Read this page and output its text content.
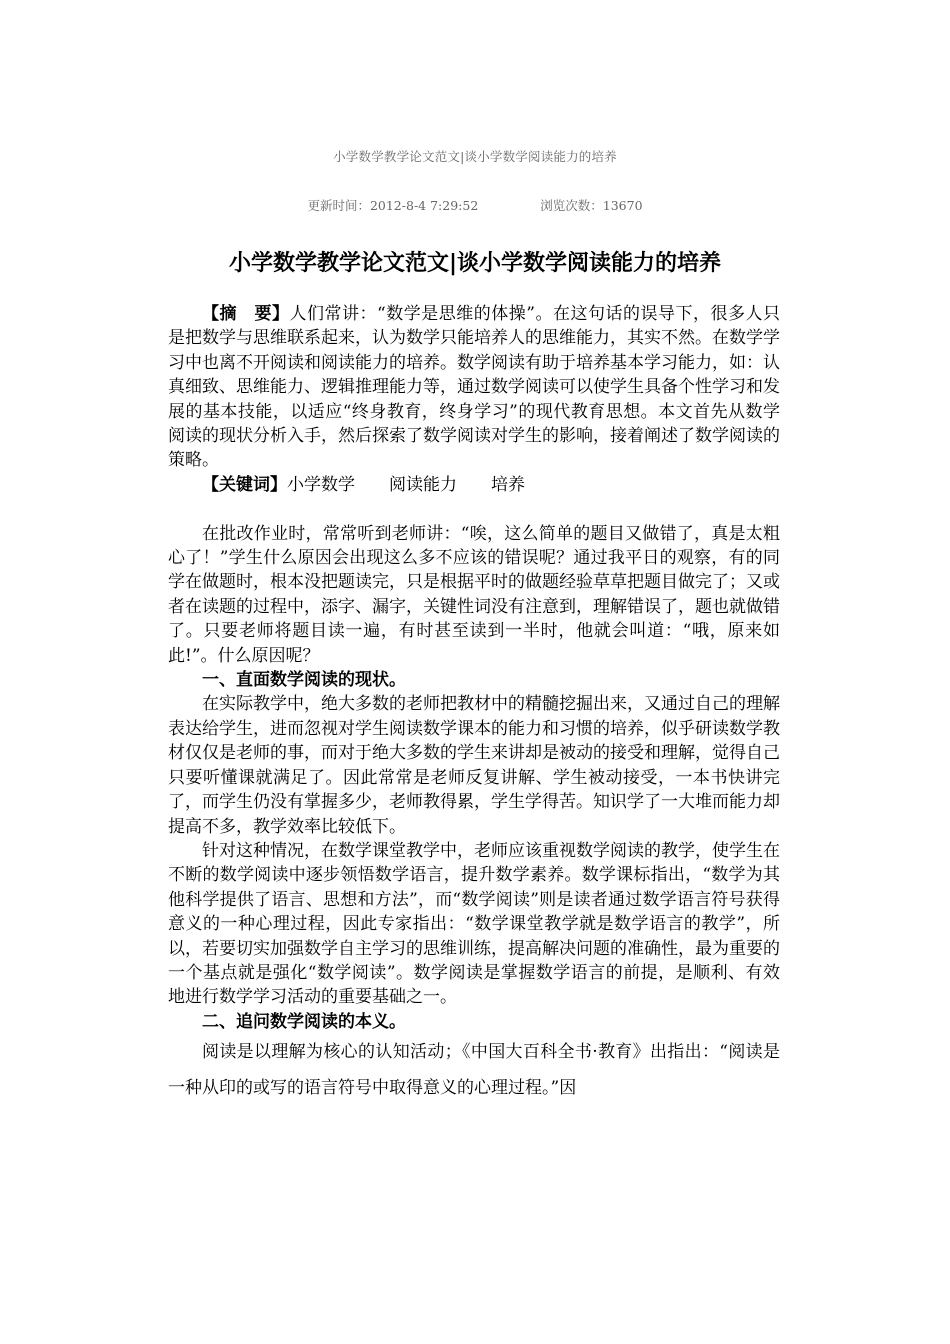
小学数学教学论文范文|谈小学数学阅读能力的培养
更新时间：2012-8-4 7:29:52	浏览次数：13670
小学数学教学论文范文|谈小学数学阅读能力的培养

【摘　要】人们常讲：“数学是思维的体操”。在这句话的误导下，很多人只是把数学与思维联系起来，认为数学只能培养人的思维能力，其实不然。在数学学习中也离不开阅读和阅读能力的培养。数学阅读有助于培养基本学习能力，如：认真细致、思维能力、逻辑推理能力等，通过数学阅读可以使学生具备个性学习和发展的基本技能，以适应“终身教育，终身学习”的现代教育思想。本文首先从数学阅读的现状分析入手，然后探索了数学阅读对学生的影响，接着阐述了数学阅读的策略。

【关键词】小学数学 阅读能力 培养

在批改作业时，常常听到老师讲：“唉，这么简单的题目又做错了，真是太粗心了！”学生什么原因会出现这么多不应该的错误呢？通过我平日的观察，有的同学在做题时，根本没把题读完，只是根据平时的做题经验草草把题目做完了；又或者在读题的过程中，添字、漏字，关键性词没有注意到，理解错误了，题也就做错了。只要老师将题目读一遍，有时甚至读到一半时，他就会叫道：“哦，原来如此!”。什么原因呢？

一、直面数学阅读的现状。

在实际教学中，绝大多数的老师把教材中的精髓挖掘出来，又通过自己的理解表达给学生，进而忽视对学生阅读数学课本的能力和习惯的培养，似乎研读数学教材仅仅是老师的事，而对于绝大多数的学生来讲却是被动的接受和理解，觉得自己只要听懂课就满足了。因此常常是老师反复讲解、学生被动接受，一本书快讲完了，而学生仍没有掌握多少，老师教得累，学生学得苦。知识学了一大堆而能力却提高不多，教学效率比较低下。

针对这种情况，在数学课堂教学中，老师应该重视数学阅读的教学，使学生在不断的数学阅读中逐步领悟数学语言，提升数学素养。数学课标指出，“数学为其他科学提供了语言、思想和方法”，而“数学阅读”则是读者通过数学语言符号获得意义的一种心理过程，因此专家指出：“数学课堂教学就是数学语言的教学”，所以，若要切实加强数学自主学习的思维训练，提高解决问题的准确性，最为重要的一个基点就是强化“数学阅读”。数学阅读是掌握数学语言的前提，是顺利、有效地进行数学学习活动的重要基础之一。

二、追问数学阅读的本义。

阅读是以理解为核心的认知活动；《中国大百科全书·教育》出指出：“阅读是一种从印的或写的语言符号中取得意义的心理过程。”因
